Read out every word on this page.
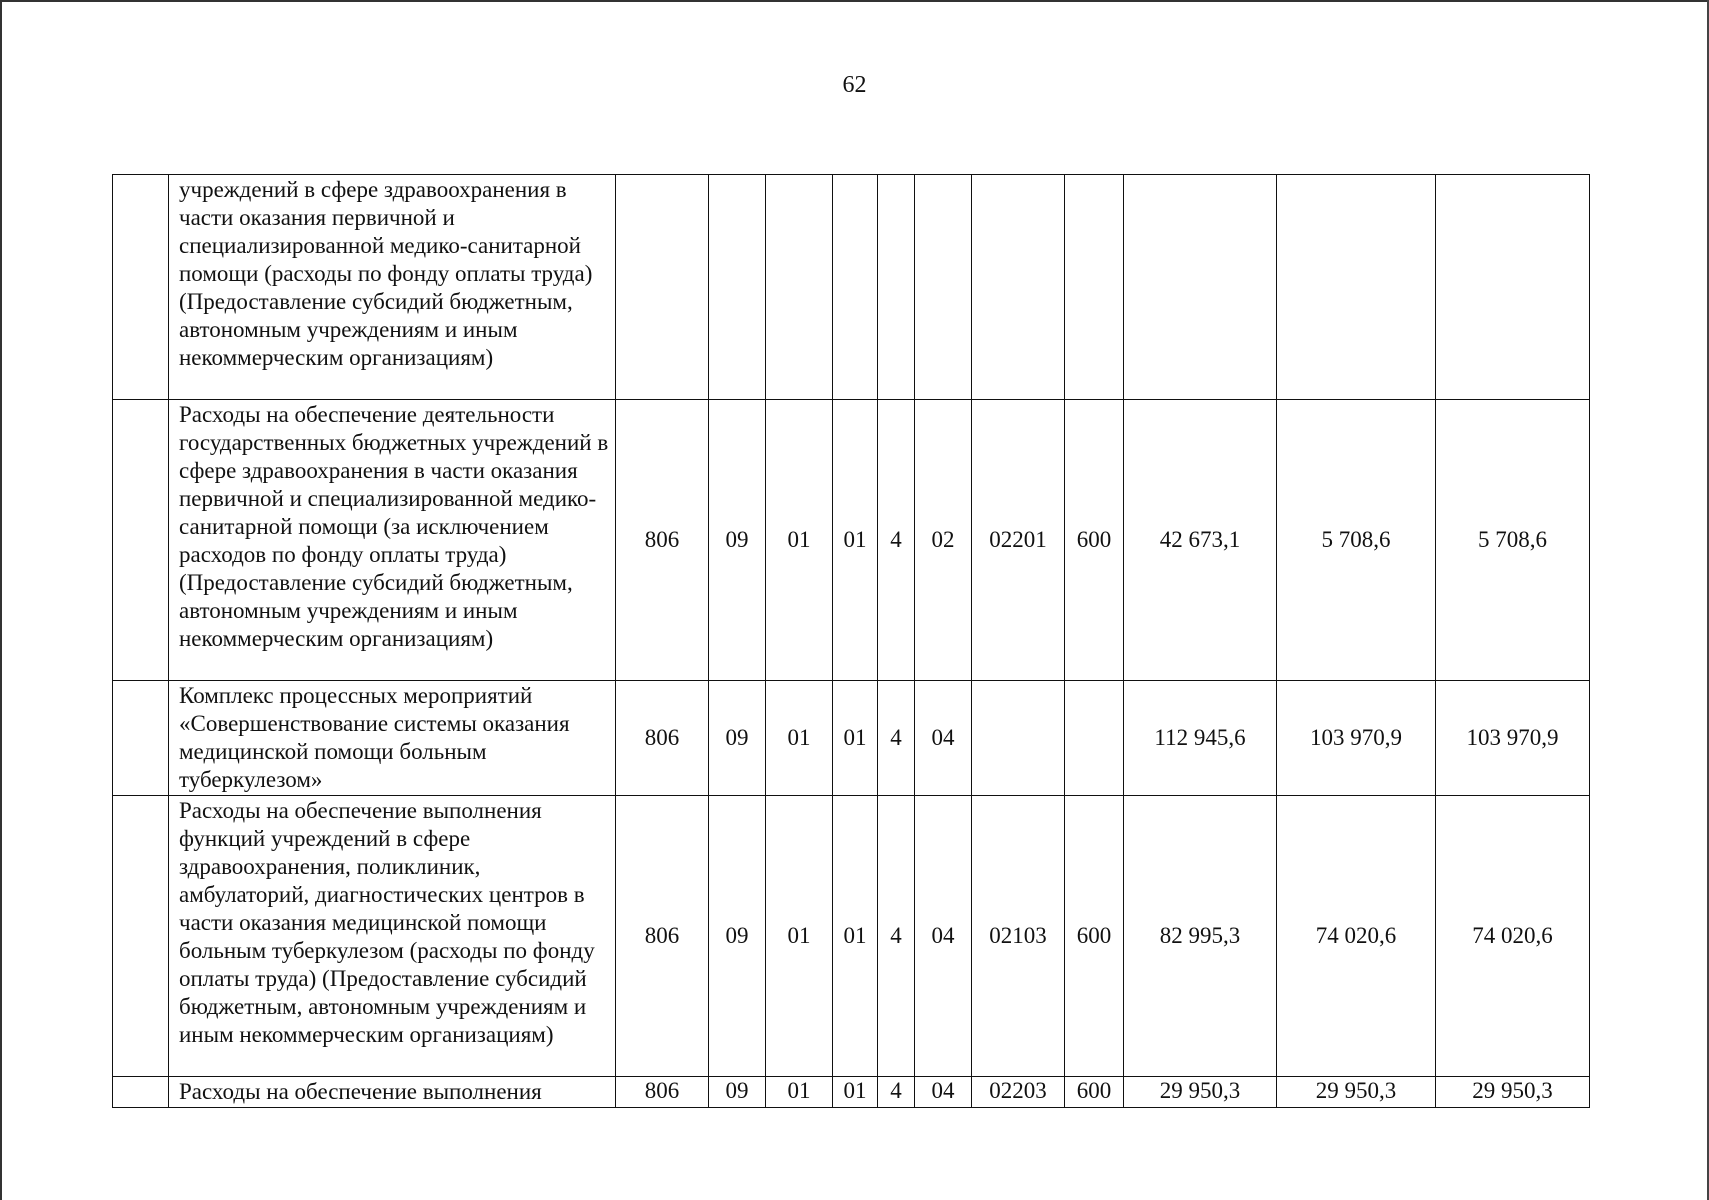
62
	учреждений в сфере здравоохранения в части оказания первичной и специализированной медико-санитарной помощи (расходы по фонду оплаты труда) (Предоставление субсидий бюджетным, автономным учреждениям и иным некоммерческим организациям)											
	Расходы на обеспечение деятельности государственных бюджетных учреждений в сфере здравоохранения в части оказания первичной и специализированной медико-санитарной помощи (за исключением расходов по фонду оплаты труда) (Предоставление субсидий бюджетным, автономным учреждениям и иным некоммерческим организациям)	806	09	01	01	4	02	02201	600	42 673,1	5 708,6	5 708,6
	Комплекс процессных мероприятий «Совершенствование системы оказания медицинской помощи больным туберкулезом»	806	09	01	01	4	04			112 945,6	103 970,9	103 970,9
	Расходы на обеспечение выполнения функций учреждений в сфере здравоохранения, поликлиник, амбулаторий, диагностических центров в части оказания медицинской помощи больным туберкулезом (расходы по фонду оплаты труда) (Предоставление субсидий бюджетным, автономным учреждениям и иным некоммерческим организациям)	806	09	01	01	4	04	02103	600	82 995,3	74 020,6	74 020,6
	Расходы на обеспечение выполнения	806	09	01	01	4	04	02203	600	29 950,3	29 950,3	29 950,3
